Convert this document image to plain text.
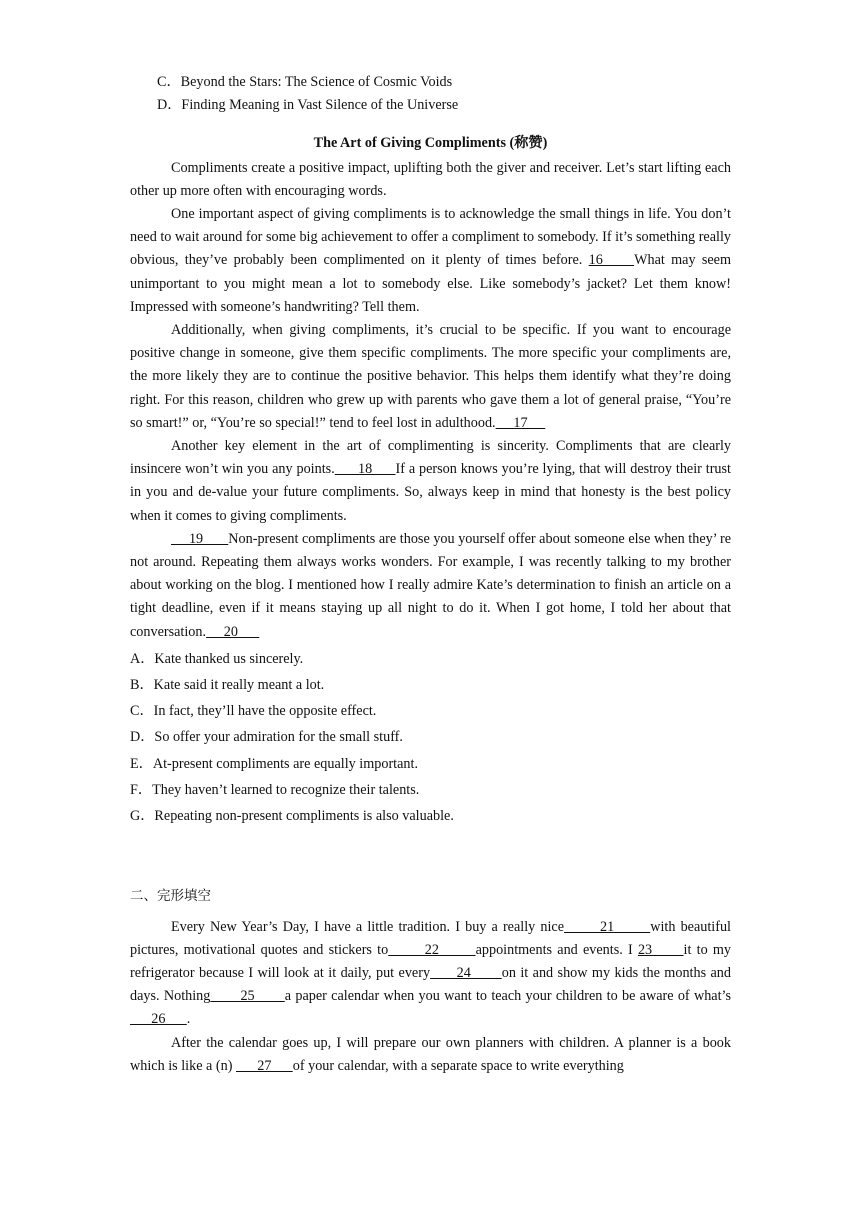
C．Beyond the Stars: The Science of Cosmic Voids
D．Finding Meaning in Vast Silence of the Universe
The Art of Giving Compliments (称赞)

Compliments create a positive impact, uplifting both the giver and receiver. Let’s start lifting each other up more often with encouraging words.

One important aspect of giving compliments is to acknowledge the small things in life. You don’t need to wait around for some big achievement to offer a compliment to somebody. If it’s something really obvious, they’ve probably been complimented on it plenty of times before. 16     What may seem unimportant to you might mean a lot to somebody else. Like somebody’s jacket? Let them know! Impressed with someone’s handwriting? Tell them.

Additionally, when giving compliments, it’s crucial to be specific. If you want to encourage positive change in someone, give them specific compliments. The more specific your compliments are, the more likely they are to continue the positive behavior. This helps them identify what they’re doing right. For this reason, children who grew up with parents who gave them a lot of general praise, “You’re so smart!” or, “You’re so special!” tend to feel lost in adulthood.     17

Another key element in the art of complimenting is sincerity. Compliments that are clearly insincere won’t win you any points.      18      If a person knows you’re lying, that will destroy their trust in you and de-value your future compliments. So, always keep in mind that honesty is the best policy when it comes to giving compliments.

19       Non-present compliments are those you yourself offer about someone else when they’ re not around. Repeating them always works wonders. For example, I was recently talking to my brother about working on the blog. I mentioned how I really admire Kate’s determination to finish an article on a tight deadline, even if it means staying up all night to do it. When I got home, I told her about that conversation.     20

A．Kate thanked us sincerely.
B．Kate said it really meant a lot.
C．In fact, they’ll have the opposite effect.
D．So offer your admiration for the small stuff.
E．At-present compliments are equally important.
F．They haven’t learned to recognize their talents.
G．Repeating non-present compliments is also valuable.
二、完形填空

Every New Year’s Day, I have a little tradition. I buy a really nice       21       with beautiful pictures, motivational quotes and stickers to       22       appointments and events. I 23      it to my refrigerator because I will look at it daily, put every      24       on it and show my kids the months and days. Nothing       25       a paper calendar when you want to teach your children to be aware of what’s      26      .

After the calendar goes up, I will prepare our own planners with children. A planner is a book which is like a (n)       27      of your calendar, with a separate space to write everything
